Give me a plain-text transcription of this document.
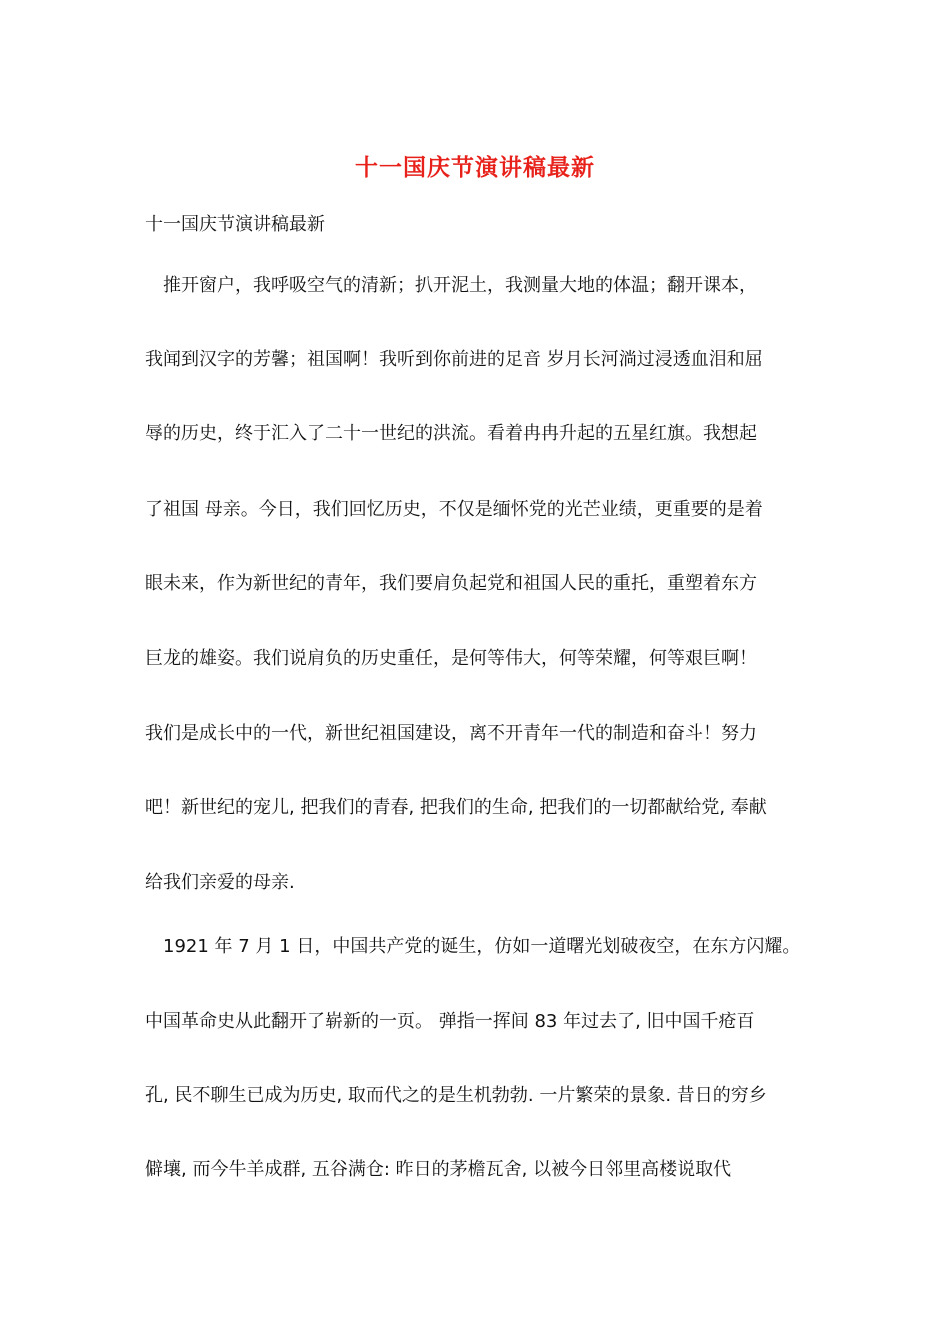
十一国庆节演讲稿最新
十一国庆节演讲稿最新
　推开窗户，我呼吸空气的清新；扒开泥土，我测量大地的体温；翻开课本，
我闻到汉字的芳馨；祖国啊！我听到你前进的足音 岁月长河淌过浸透血泪和屈
辱的历史，终于汇入了二十一世纪的洪流。看着冉冉升起的五星红旗。我想起
了祖国 母亲。今日，我们回忆历史，不仅是缅怀党的光芒业绩，更重要的是着
眼未来，作为新世纪的青年，我们要肩负起党和祖国人民的重托，重塑着东方
巨龙的雄姿。我们说肩负的历史重任，是何等伟大，何等荣耀，何等艰巨啊！
我们是成长中的一代，新世纪祖国建设，离不开青年一代的制造和奋斗！努力
吧！新世纪的宠儿, 把我们的青春, 把我们的生命, 把我们的一切都献给党, 奉献
给我们亲爱的母亲.
　1921 年 7 月 1 日，中国共产党的诞生，仿如一道曙光划破夜空，在东方闪耀。
中国革命史从此翻开了崭新的一页。 弹指一挥间 83 年过去了, 旧中国千疮百
孔, 民不聊生已成为历史, 取而代之的是生机勃勃. 一片繁荣的景象. 昔日的穷乡
僻壤, 而今牛羊成群, 五谷满仓: 昨日的茅檐瓦舍, 以被今日邻里高楼说取代
